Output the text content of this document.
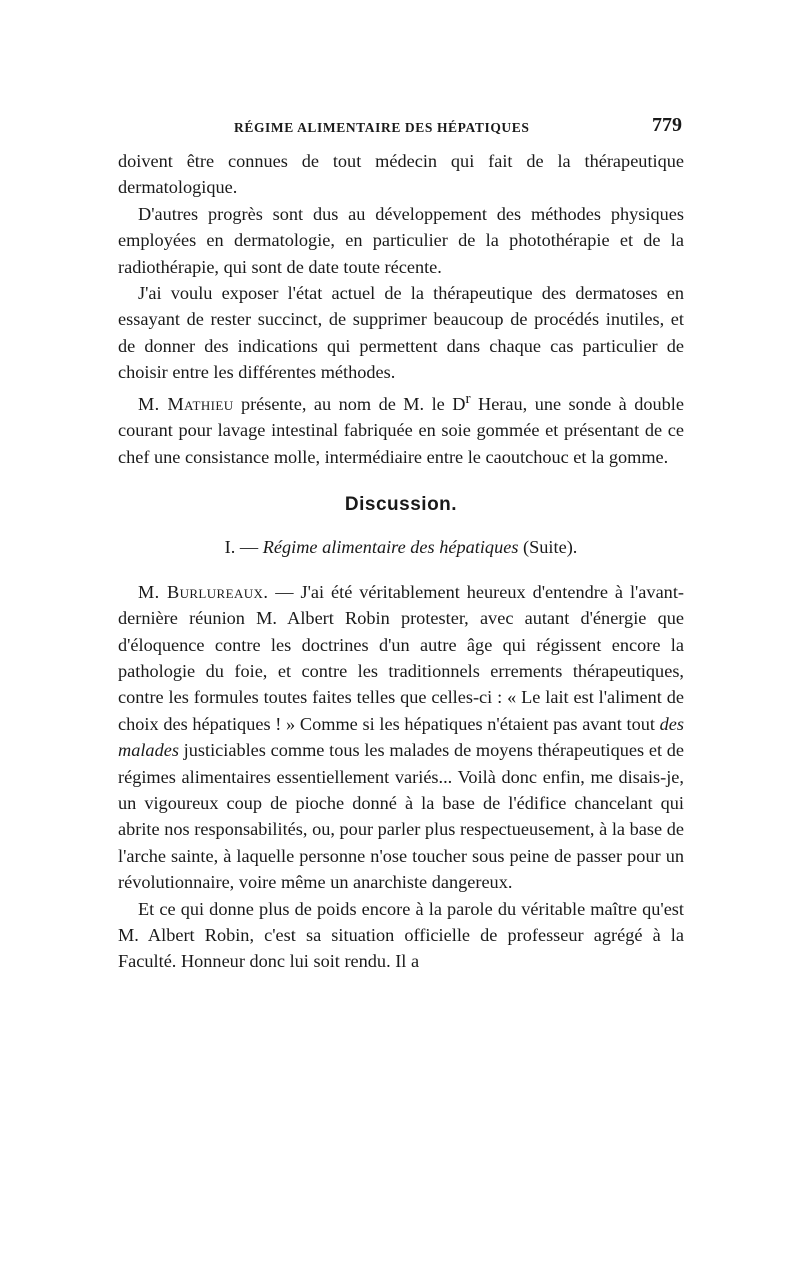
RÉGIME ALIMENTAIRE DES HÉPATIQUES	779

doivent être connues de tout médecin qui fait de la thérapeutique dermatologique.

D'autres progrès sont dus au développement des méthodes physiques employées en dermatologie, en particulier de la photothérapie et de la radiothérapie, qui sont de date toute récente.

J'ai voulu exposer l'état actuel de la thérapeutique des dermatoses en essayant de rester succinct, de supprimer beaucoup de procédés inutiles, et de donner des indications qui permettent dans chaque cas particulier de choisir entre les différentes méthodes.

M. Mathieu présente, au nom de M. le $D^r$ Herau, une sonde à double courant pour lavage intestinal fabriquée en soie gommée et présentant de ce chef une consistance molle, intermédiaire entre le caoutchouc et la gomme.

Discussion.
I. — Régime alimentaire des hépatiques (Suite).

M. Burlureaux. — J'ai été véritablement heureux d'entendre à l'avant-dernière réunion M. Albert Robin protester, avec autant d'énergie que d'éloquence contre les doctrines d'un autre âge qui régissent encore la pathologie du foie, et contre les traditionnels errements thérapeutiques, contre les formules toutes faites telles que celles-ci : « Le lait est l'aliment de choix des hépatiques ! » Comme si les hépatiques n'étaient pas avant tout des malades justiciables comme tous les malades de moyens thérapeutiques et de régimes alimentaires essentiellement variés... Voilà donc enfin, me disais-je, un vigoureux coup de pioche donné à la base de l'édifice chancelant qui abrite nos responsabilités, ou, pour parler plus respectueusement, à la base de l'arche sainte, à laquelle personne n'ose toucher sous peine de passer pour un révolutionnaire, voire même un anarchiste dangereux.

Et ce qui donne plus de poids encore à la parole du véritable maître qu'est M. Albert Robin, c'est sa situation officielle de professeur agrégé à la Faculté. Honneur donc lui soit rendu. Il a
